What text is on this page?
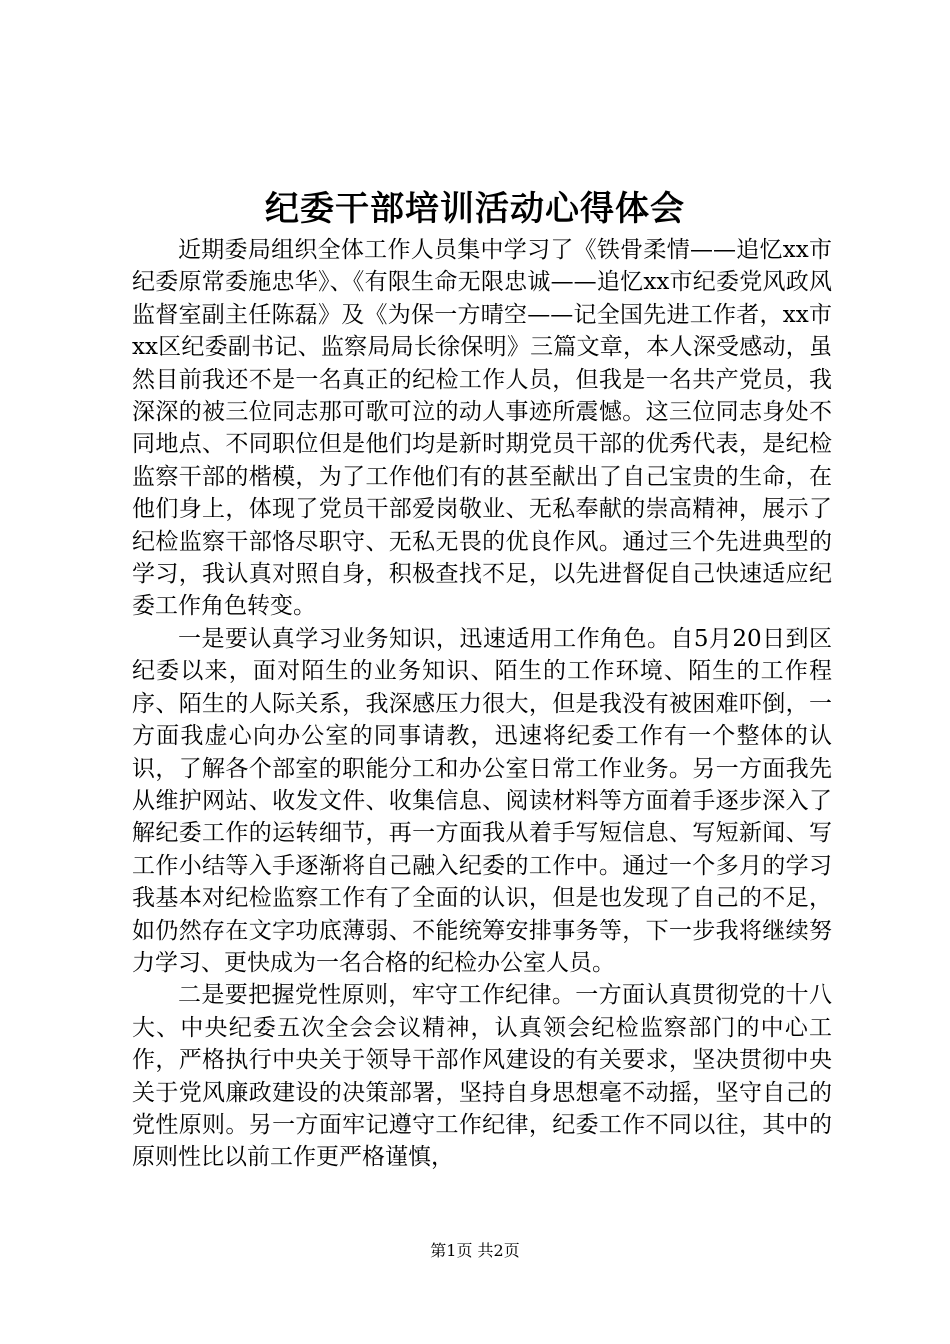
纪委干部培训活动心得体会

近期委局组织全体工作人员集中学习了《铁骨柔情——追忆xx市纪委原常委施忠华》、《有限生命无限忠诚——追忆xx市纪委党风政风监督室副主任陈磊》及《为保一方晴空——记全国先进工作者，xx市xx区纪委副书记、监察局局长徐保明》三篇文章，本人深受感动，虽然目前我还不是一名真正的纪检工作人员，但我是一名共产党员，我深深的被三位同志那可歌可泣的动人事迹所震憾。这三位同志身处不同地点、不同职位但是他们均是新时期党员干部的优秀代表，是纪检监察干部的楷模，为了工作他们有的甚至献出了自己宝贵的生命，在他们身上，体现了党员干部爱岗敬业、无私奉献的崇高精神，展示了纪检监察干部恪尽职守、无私无畏的优良作风。通过三个先进典型的学习，我认真对照自身，积极查找不足，以先进督促自己快速适应纪委工作角色转变。

一是要认真学习业务知识，迅速适用工作角色。自5月20日到区纪委以来，面对陌生的业务知识、陌生的工作环境、陌生的工作程序、陌生的人际关系，我深感压力很大，但是我没有被困难吓倒，一方面我虚心向办公室的同事请教，迅速将纪委工作有一个整体的认识，了解各个部室的职能分工和办公室日常工作业务。另一方面我先从维护网站、收发文件、收集信息、阅读材料等方面着手逐步深入了解纪委工作的运转细节，再一方面我从着手写短信息、写短新闻、写工作小结等入手逐渐将自己融入纪委的工作中。通过一个多月的学习我基本对纪检监察工作有了全面的认识，但是也发现了自己的不足，如仍然存在文字功底薄弱、不能统筹安排事务等，下一步我将继续努力学习、更快成为一名合格的纪检办公室人员。

二是要把握党性原则，牢守工作纪律。一方面认真贯彻党的十八大、中央纪委五次全会会议精神，认真领会纪检监察部门的中心工作，严格执行中央关于领导干部作风建设的有关要求，坚决贯彻中央关于党风廉政建设的决策部署，坚持自身思想毫不动摇，坚守自己的党性原则。另一方面牢记遵守工作纪律，纪委工作不同以往，其中的原则性比以前工作更严格谨慎，

第1页 共2页
